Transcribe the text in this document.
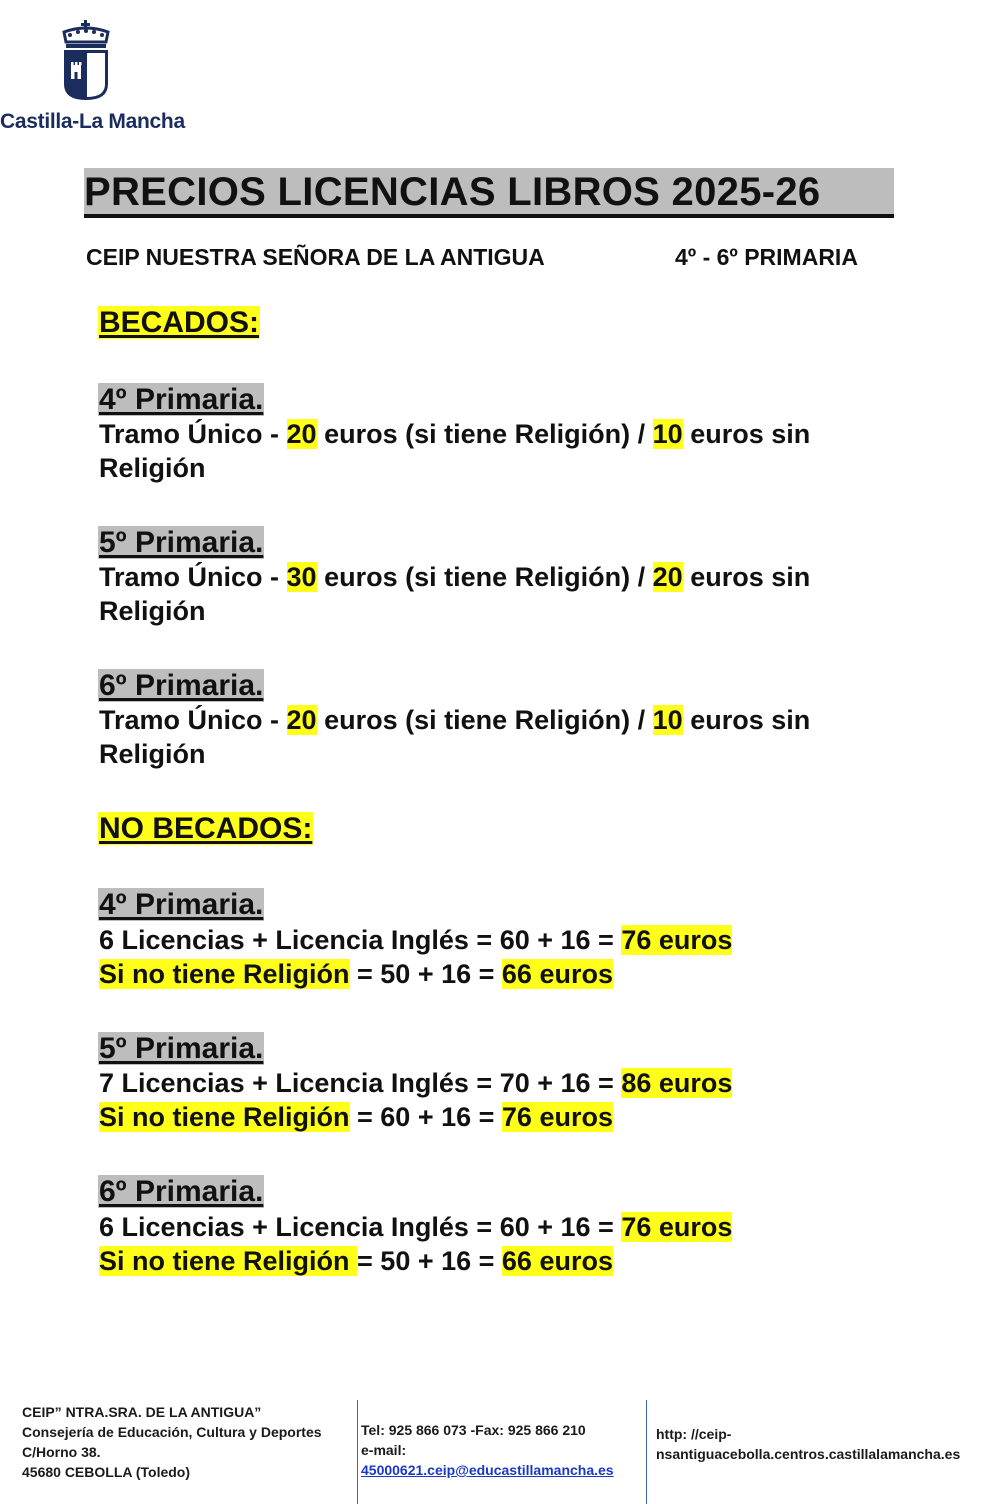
Castilla-La Mancha
PRECIOS LICENCIAS LIBROS 2025-26
CEIP NUESTRA SEÑORA DE LA ANTIGUA	4º - 6º PRIMARIA
BECADOS:
4º Primaria.
Tramo Único - 20 euros (si tiene Religión) / 10 euros sin
Religión
5º Primaria.
Tramo Único - 30 euros (si tiene Religión) / 20 euros sin
Religión
6º Primaria.
Tramo Único - 20 euros (si tiene Religión) / 10 euros sin
Religión
NO BECADOS:
4º Primaria.
6 Licencias + Licencia Inglés = 60 + 16 = 76 euros
Si no tiene Religión = 50 + 16 = 66 euros
5º Primaria.
7 Licencias + Licencia Inglés = 70 + 16 = 86 euros
Si no tiene Religión = 60 + 16 = 76 euros
6º Primaria.
6 Licencias + Licencia Inglés = 60 + 16 = 76 euros
Si no tiene Religión = 50 + 16 = 66 euros
CEIP” NTRA.SRA. DE LA ANTIGUA”
Consejería de Educación, Cultura y Deportes
C/Horno 38.
45680 CEBOLLA (Toledo)
Tel: 925 866 073 -Fax: 925 866 210
e-mail:
45000621.ceip@educastillamancha.es
http: //ceip-
nsantiguacebolla.centros.castillalamancha.es
